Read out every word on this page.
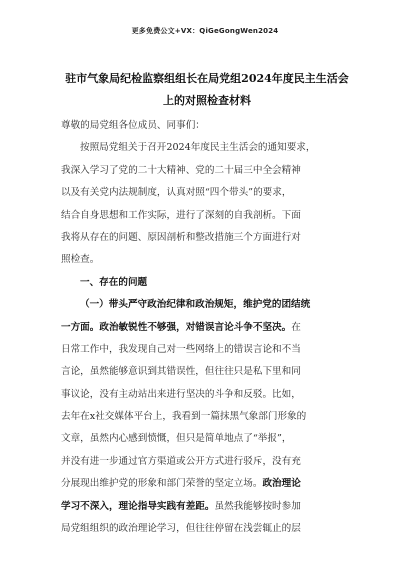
更多免费公文+VX：QiGeGongWen2024
驻市气象局纪检监察组组长在局党组2024年度民主生活会
上的对照检查材料
尊敬的局党组各位成员、同事们：
按照局党组关于召开2024年度民主生活会的通知要求，
我深入学习了党的二十大精神、党的二十届三中全会精神
以及有关党内法规制度，认真对照“四个带头”的要求，
结合自身思想和工作实际，进行了深刻的自我剖析。下面
我将从存在的问题、原因剖析和整改措施三个方面进行对
照检查。
一、存在的问题
（一）带头严守政治纪律和政治规矩，维护党的团结统
一方面。政治敏锐性不够强，对错误言论斗争不坚决。在
日常工作中，我发现自己对一些网络上的错误言论和不当
言论，虽然能够意识到其错误性，但往往只是私下里和同
事议论，没有主动站出来进行坚决的斗争和反驳。比如，
去年在x社交媒体平台上，我看到一篇抹黑气象部门形象的
文章，虽然内心感到愤慨，但只是简单地点了“举报”，
并没有进一步通过官方渠道或公开方式进行驳斥，没有充
分展现出维护党的形象和部门荣誉的坚定立场。政治理论
学习不深入，理论指导实践有差距。虽然我能够按时参加
局党组组织的政治理论学习，但往往停留在浅尝辄止的层
